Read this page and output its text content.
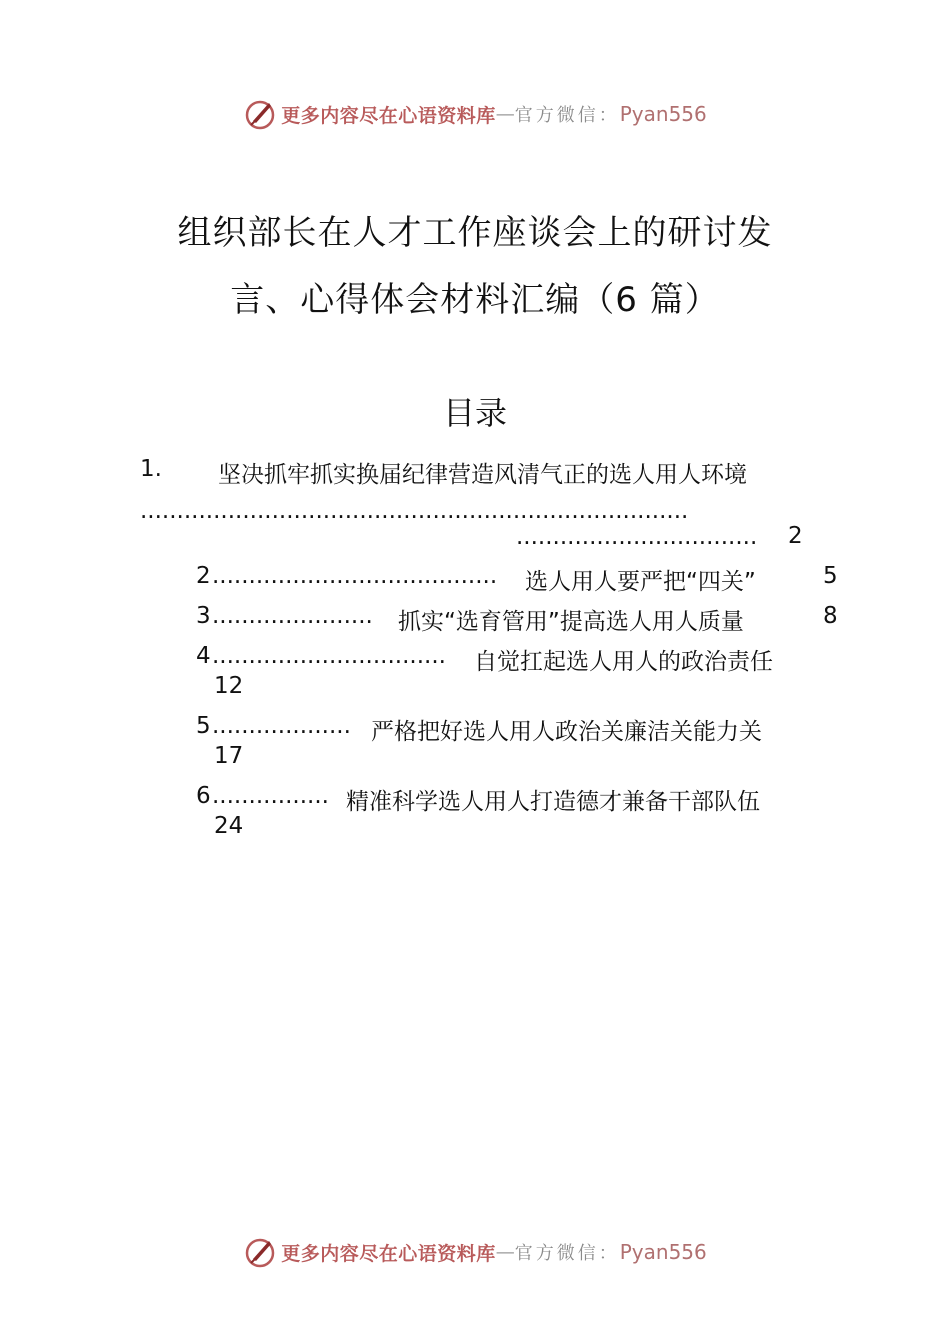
更多内容尽在心语资料库 — 官方微信： Pyan556
组织部长在人才工作座谈会上的研讨发
言、心得体会材料汇编（6 篇）
目录
1. 坚决抓牢抓实换届纪律营造风清气正的选人用人环境
...........................................................................
................................. 2
2 ....................................... 选人用人要严把“四关”	5
3 ...................... 抓实“选育管用”提高选人用人质量	8
4 ................................ 自觉扛起选人用人的政治责任
12
5 ................... 严格把好选人用人政治关廉洁关能力关
17
6 ................ 精准科学选人用人打造德才兼备干部队伍
24
更多内容尽在心语资料库 — 官方微信： Pyan556
